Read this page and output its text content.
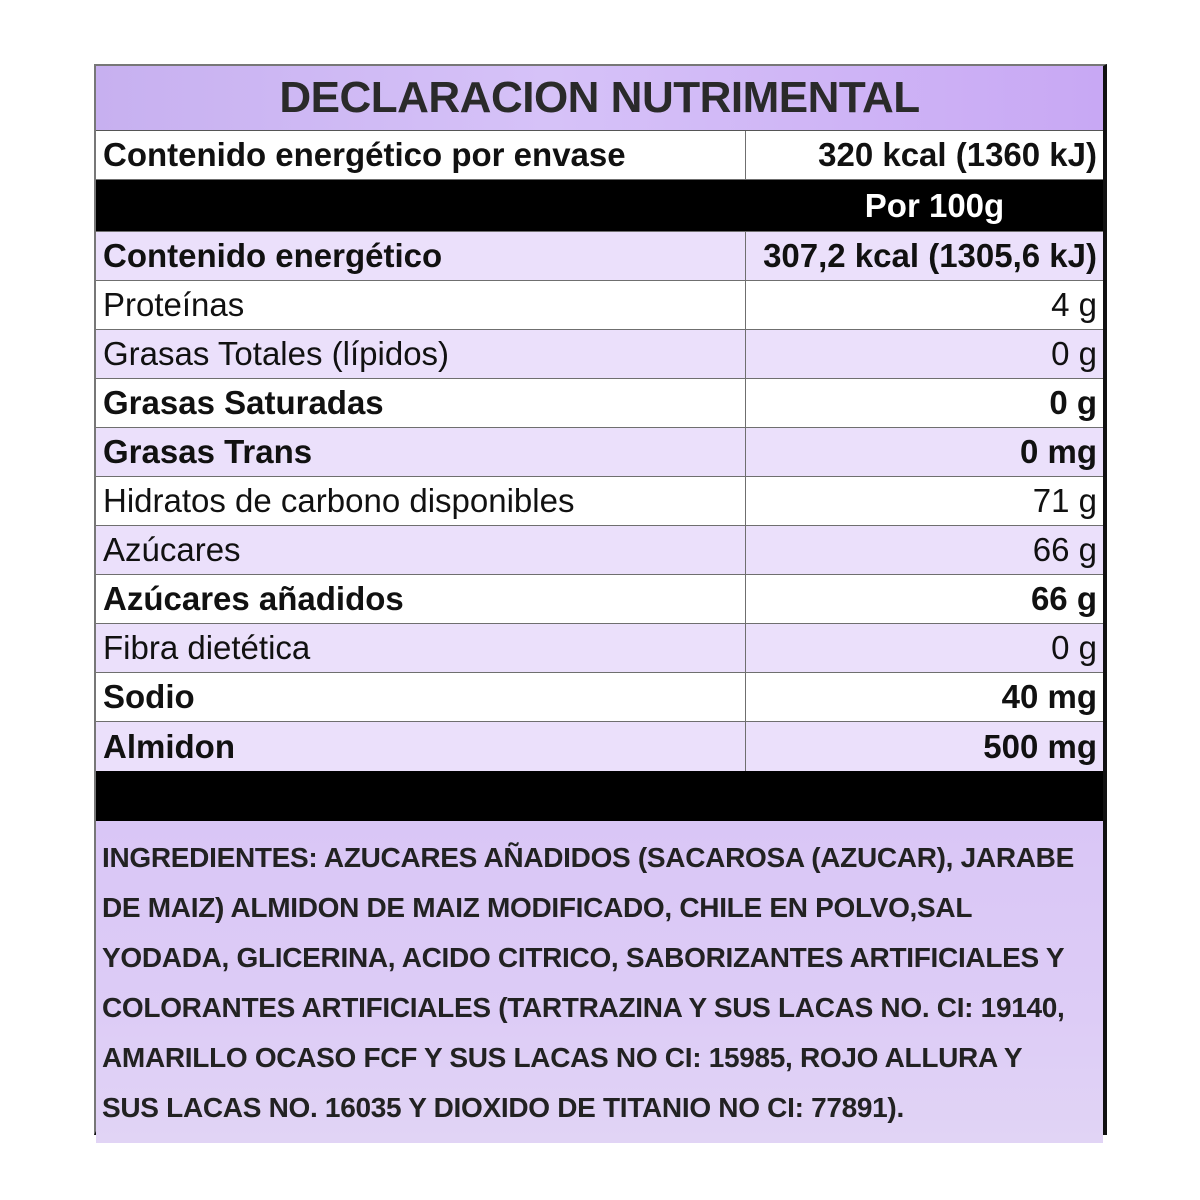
DECLARACION NUTRIMENTAL
Contenido energético por envase	320 kcal (1360 kJ)
Por 100g
Contenido energético	307,2 kcal (1305,6 kJ)
Proteínas	4 g
Grasas Totales (lípidos)	0 g
Grasas Saturadas	0 g
Grasas Trans	0 mg
Hidratos de carbono disponibles	71 g
Azúcares	66 g
Azúcares añadidos	66 g
Fibra dietética	0 g
Sodio	40 mg
Almidon	500 mg
INGREDIENTES: AZUCARES AÑADIDOS (SACAROSA (AZUCAR), JARABE DE MAIZ) ALMIDON DE MAIZ MODIFICADO, CHILE EN POLVO,SAL YODADA, GLICERINA, ACIDO CITRICO, SABORIZANTES ARTIFICIALES Y COLORANTES ARTIFICIALES (TARTRAZINA Y SUS LACAS NO. CI: 19140, AMARILLO OCASO FCF Y SUS LACAS NO CI: 15985, ROJO ALLURA Y SUS LACAS NO. 16035 Y DIOXIDO DE TITANIO NO CI: 77891).
